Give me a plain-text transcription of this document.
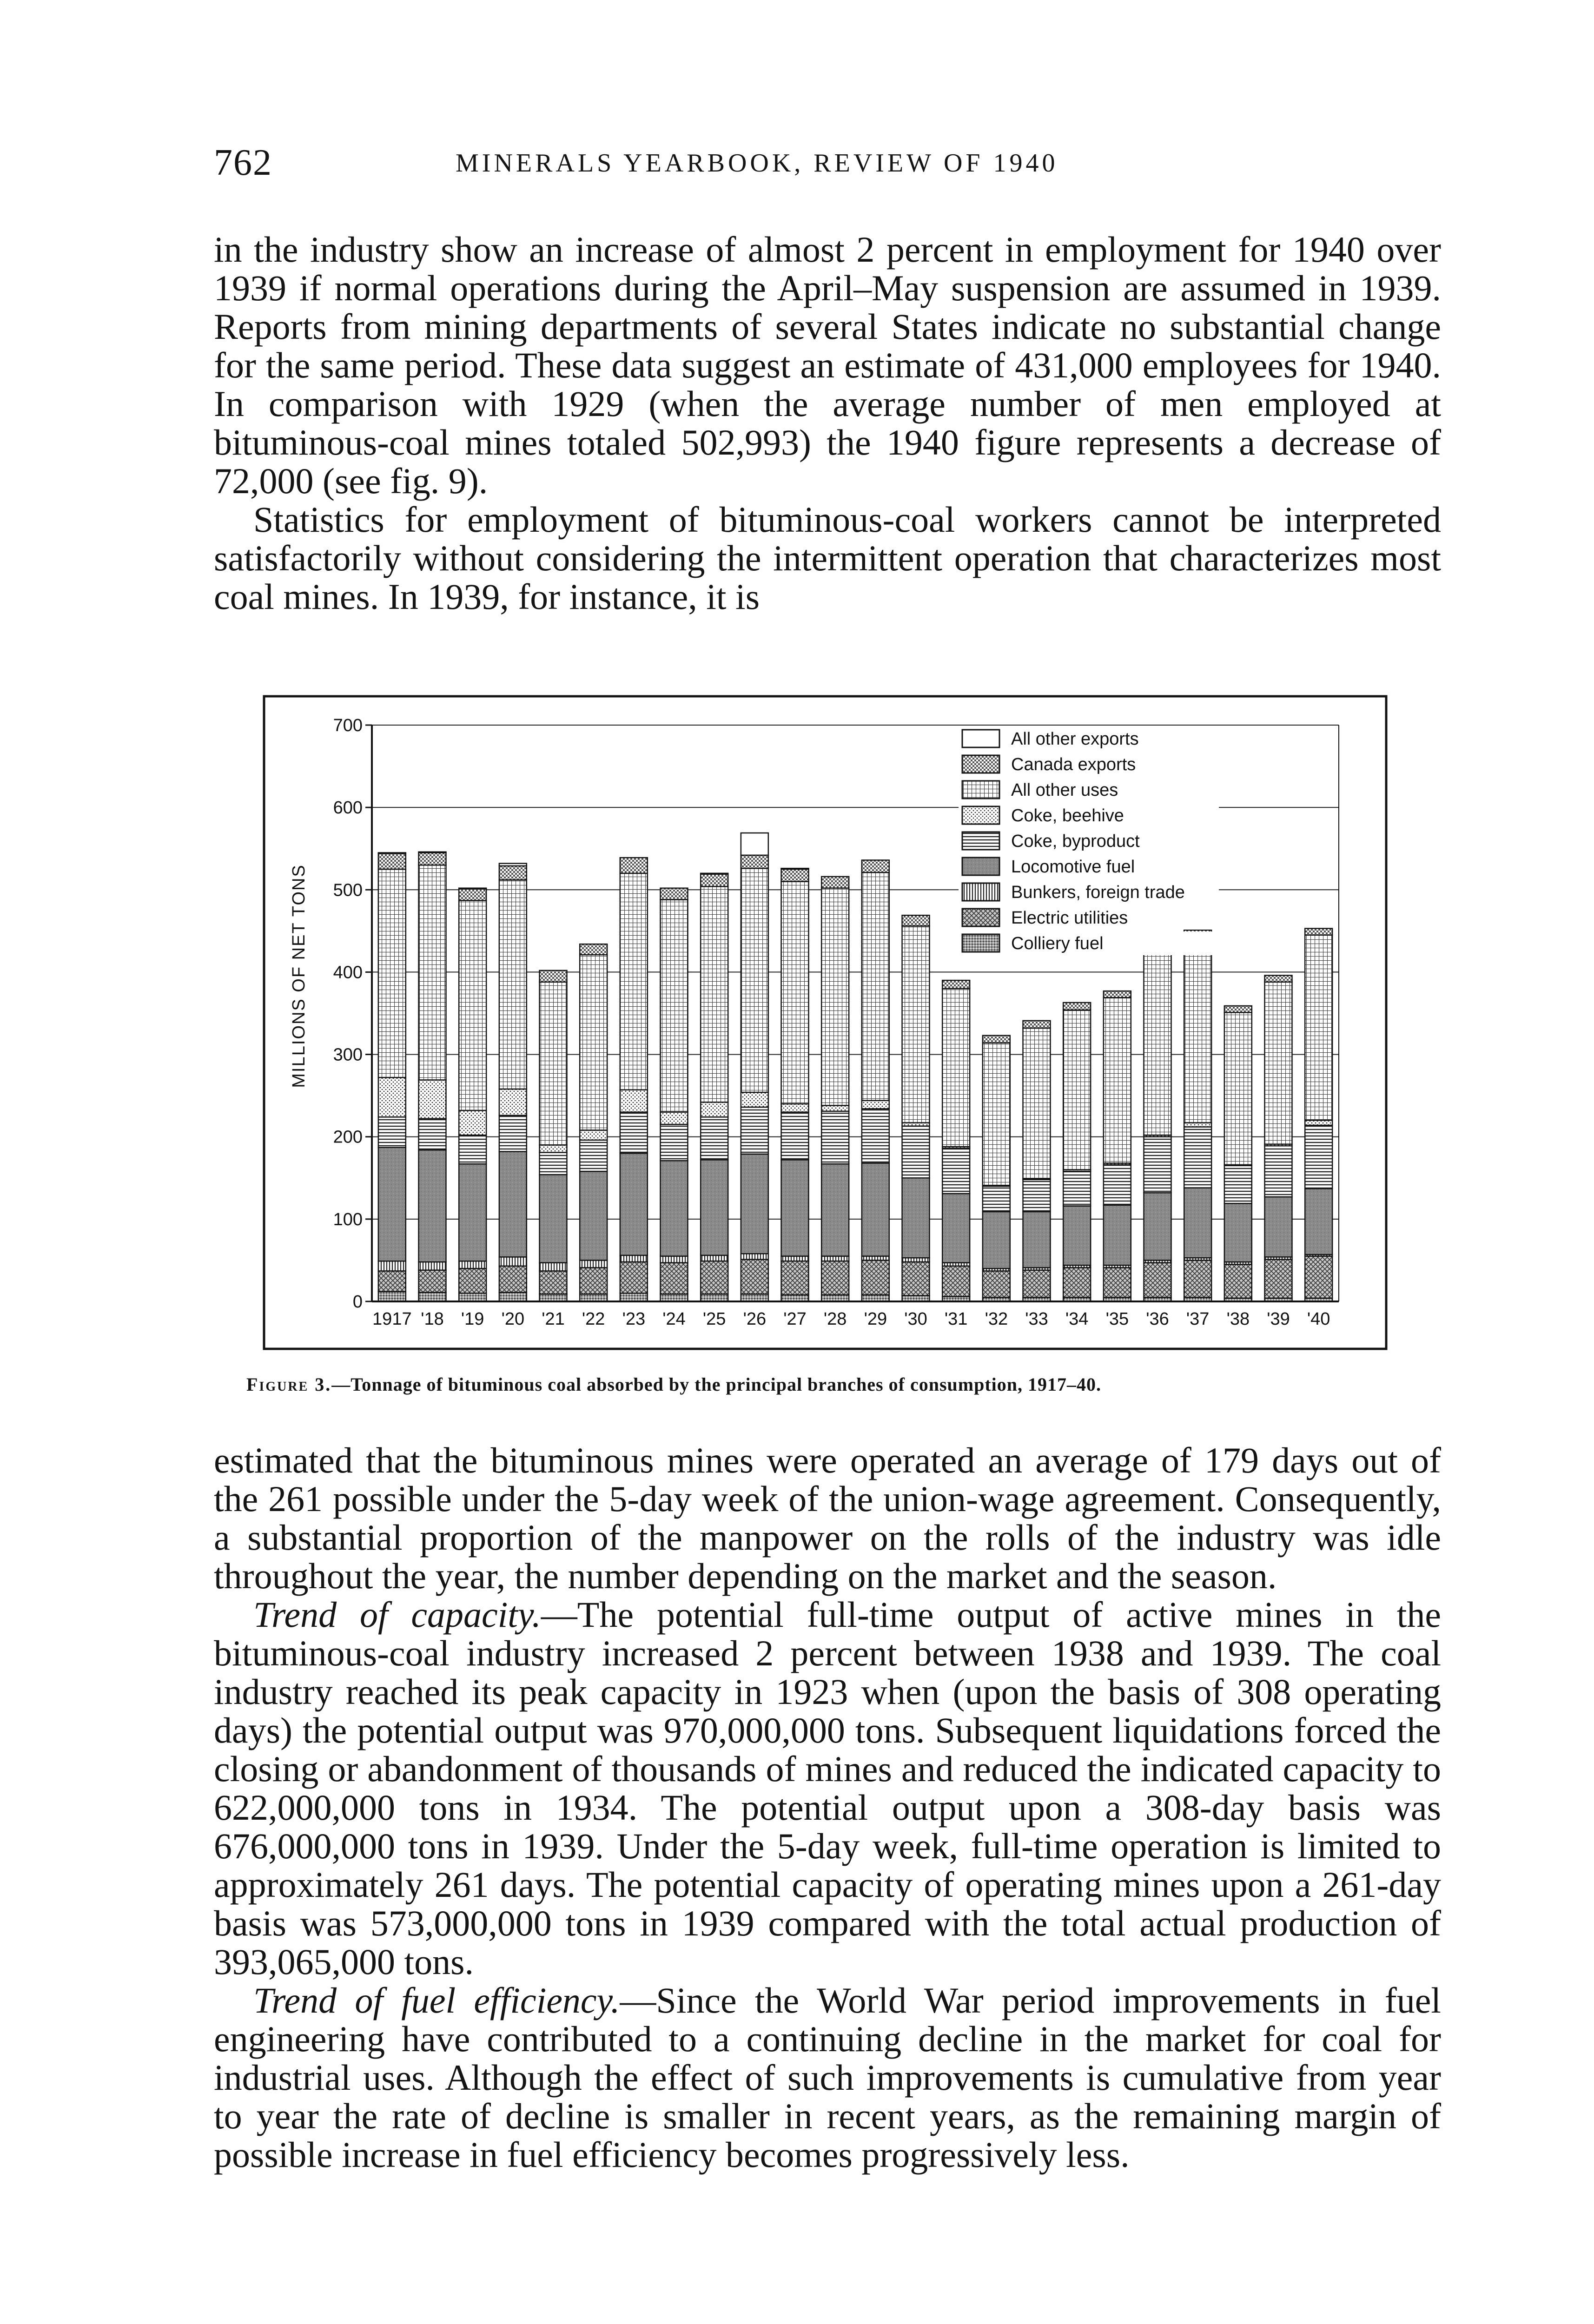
762	MINERALS YEARBOOK, REVIEW OF 1940

in the industry show an increase of almost 2 percent in employment for 1940 over 1939 if normal operations during the April–May suspension are assumed in 1939. Reports from mining departments of several States indicate no substantial change for the same period. These data suggest an estimate of 431,000 employees for 1940. In comparison with 1929 (when the average number of men employed at bituminous-coal mines totaled 502,993) the 1940 figure represents a decrease of 72,000 (see fig. 9).

Statistics for employment of bituminous-coal workers cannot be interpreted satisfactorily without considering the intermittent operation that characterizes most coal mines. In 1939, for instance, it is

0
100
200
300
400
500
600
700
1917 '18 '19 '20 '21 '22 '23 '24 '25 '26 '27 '28 '29 '30 '31 '32 '33 '34 '35 '36 '37 '38 '39 '40
All other exports
Canada exports
All other uses
Coke, beehive
Coke, byproduct
Locomotive fuel
Bunkers, foreign trade
Electric utilities
Colliery fuel
MILLIONS OF NET TONS
Figure 3.—Tonnage of bituminous coal absorbed by the principal branches of consumption, 1917–40.

estimated that the bituminous mines were operated an average of 179 days out of the 261 possible under the 5-day week of the union-wage agreement. Consequently, a substantial proportion of the manpower on the rolls of the industry was idle throughout the year, the number depending on the market and the season.

Trend of capacity.—The potential full-time output of active mines in the bituminous-coal industry increased 2 percent between 1938 and 1939. The coal industry reached its peak capacity in 1923 when (upon the basis of 308 operating days) the potential output was 970,000,000 tons. Subsequent liquidations forced the closing or abandonment of thousands of mines and reduced the indicated capacity to 622,000,000 tons in 1934. The potential output upon a 308-day basis was 676,000,000 tons in 1939. Under the 5-day week, full-time operation is limited to approximately 261 days. The potential capacity of operating mines upon a 261-day basis was 573,000,000 tons in 1939 compared with the total actual production of 393,065,000 tons.

Trend of fuel efficiency.—Since the World War period improvements in fuel engineering have contributed to a continuing decline in the market for coal for industrial uses. Although the effect of such improvements is cumulative from year to year the rate of decline is smaller in recent years, as the remaining margin of possible increase in fuel efficiency becomes progressively less.
